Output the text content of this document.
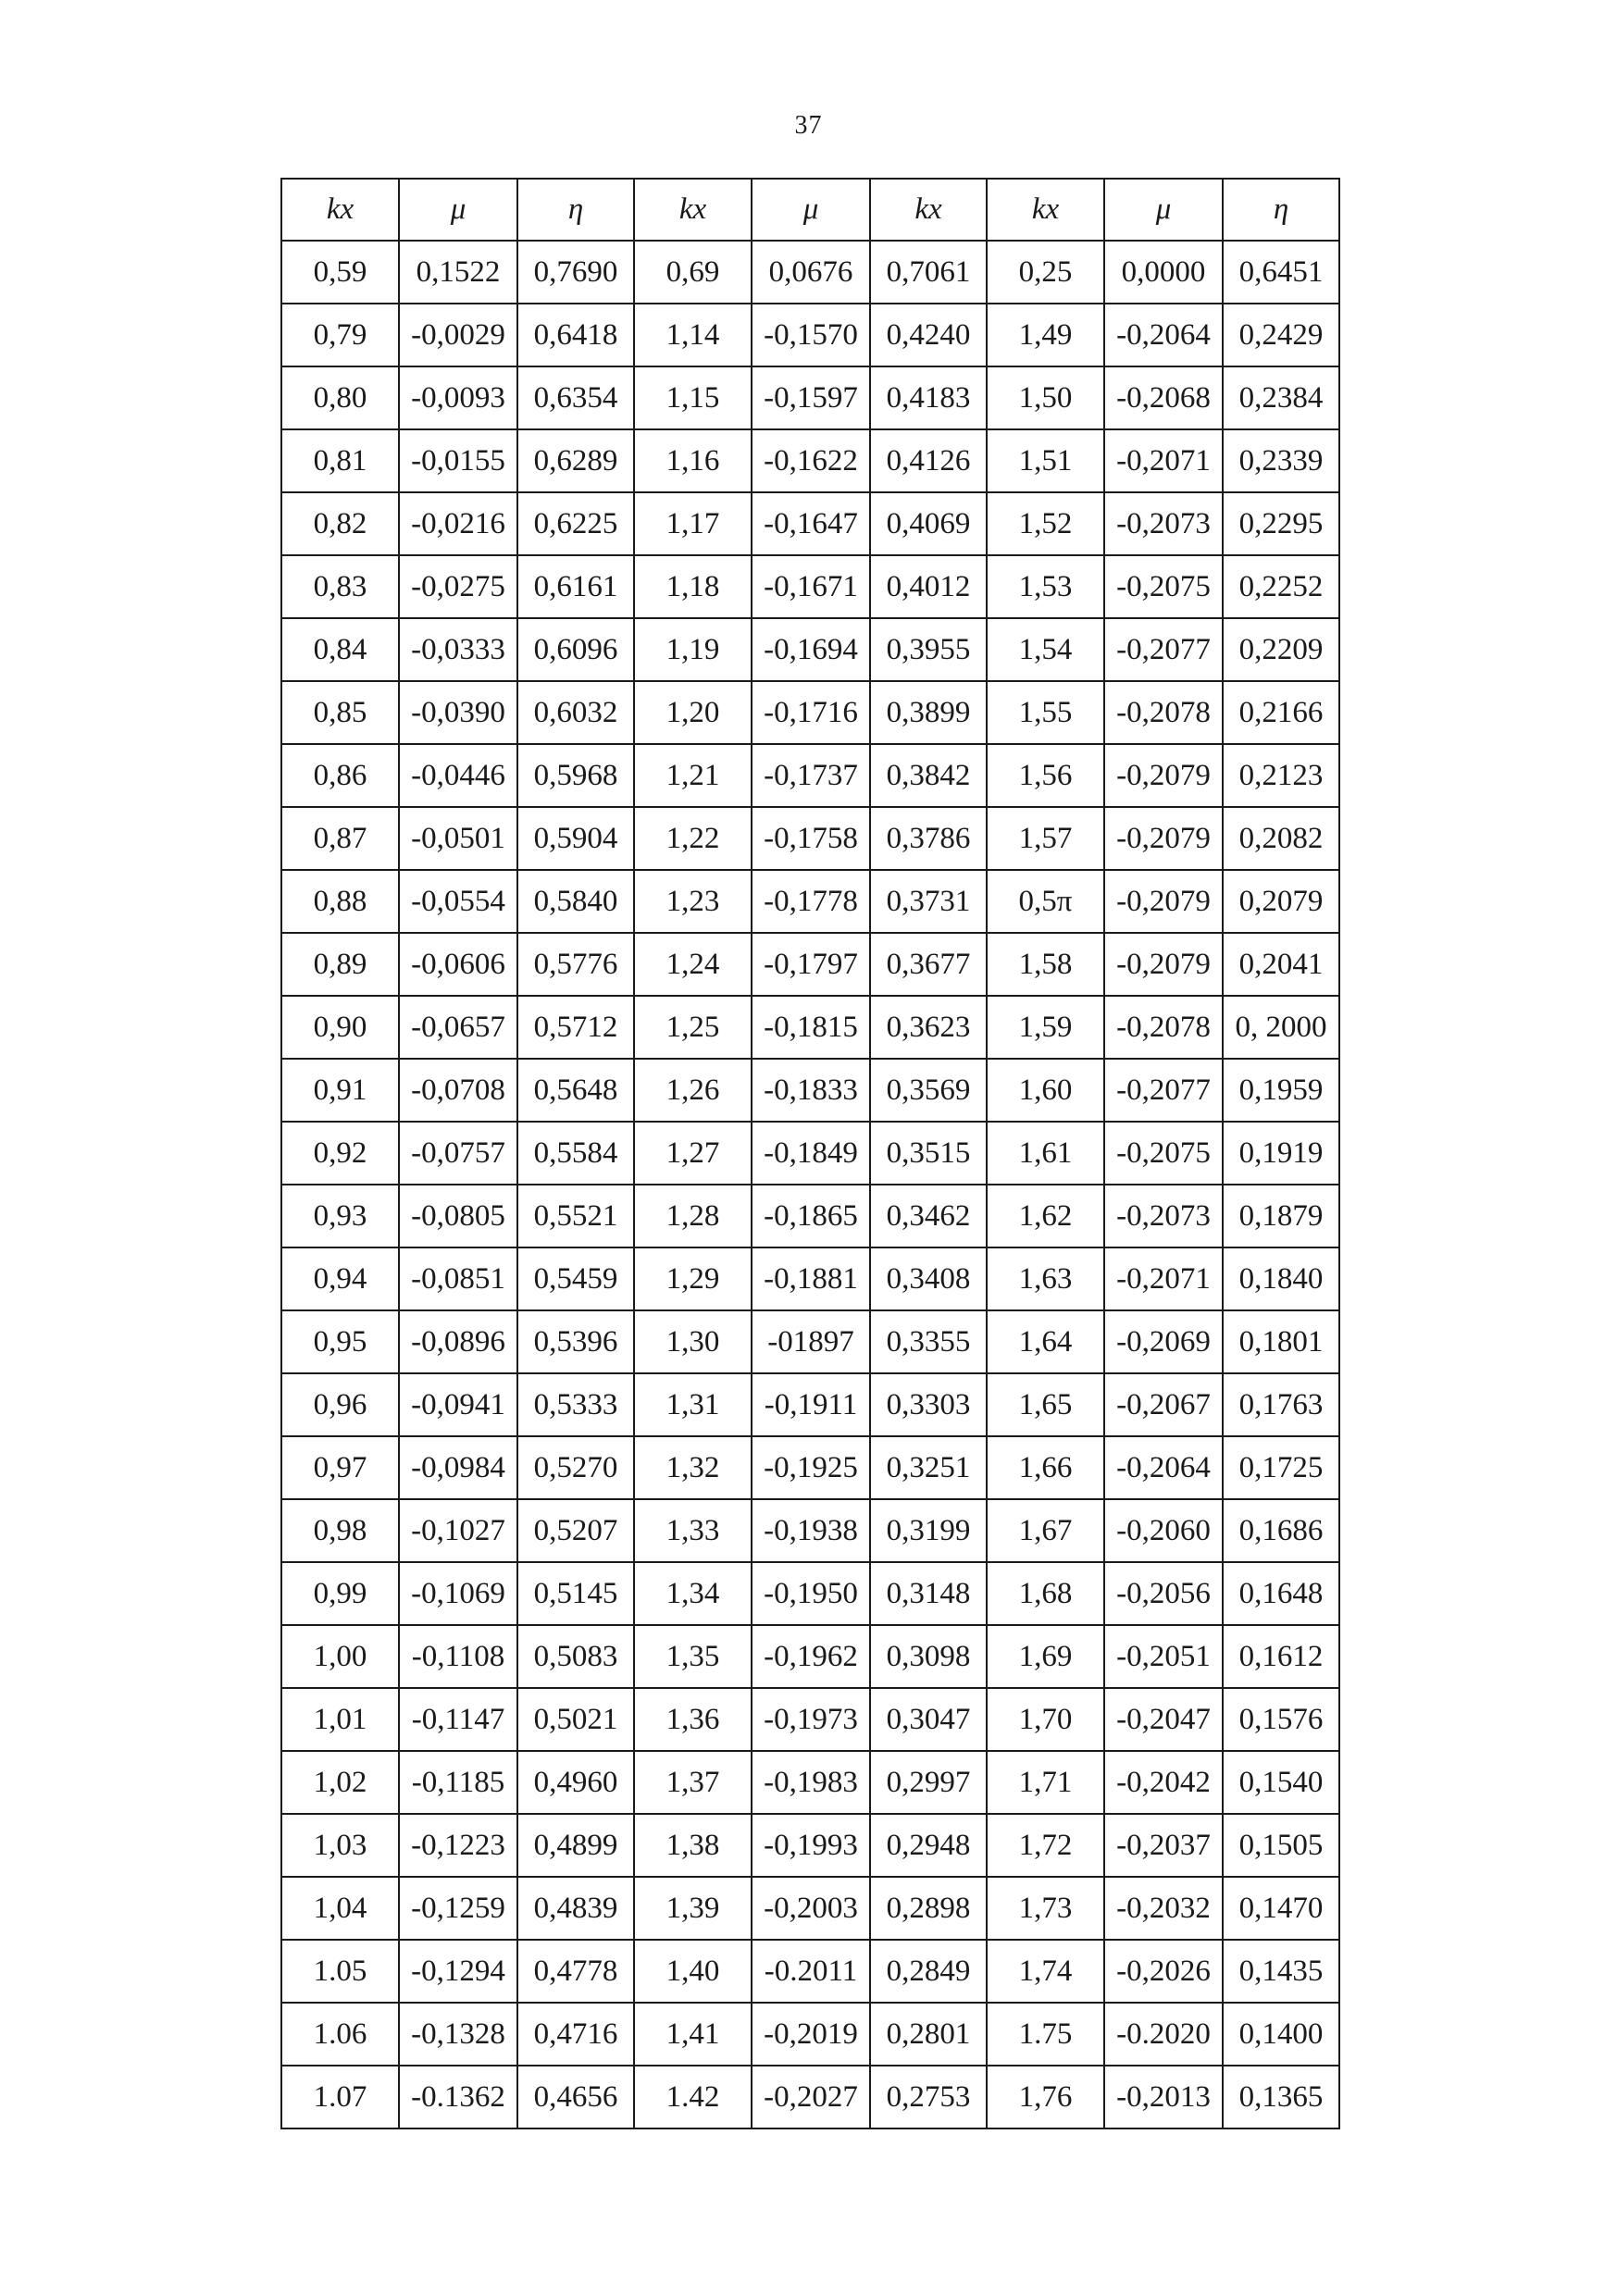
37
kx	μ	η	kx	μ	kx	kx	μ	η
0,59	0,1522	0,7690	0,69	0,0676	0,7061	0,25	0,0000	0,6451
0,79	-0,0029	0,6418	1,14	-0,1570	0,4240	1,49	-0,2064	0,2429
0,80	-0,0093	0,6354	1,15	-0,1597	0,4183	1,50	-0,2068	0,2384
0,81	-0,0155	0,6289	1,16	-0,1622	0,4126	1,51	-0,2071	0,2339
0,82	-0,0216	0,6225	1,17	-0,1647	0,4069	1,52	-0,2073	0,2295
0,83	-0,0275	0,6161	1,18	-0,1671	0,4012	1,53	-0,2075	0,2252
0,84	-0,0333	0,6096	1,19	-0,1694	0,3955	1,54	-0,2077	0,2209
0,85	-0,0390	0,6032	1,20	-0,1716	0,3899	1,55	-0,2078	0,2166
0,86	-0,0446	0,5968	1,21	-0,1737	0,3842	1,56	-0,2079	0,2123
0,87	-0,0501	0,5904	1,22	-0,1758	0,3786	1,57	-0,2079	0,2082
0,88	-0,0554	0,5840	1,23	-0,1778	0,3731	0,5π	-0,2079	0,2079
0,89	-0,0606	0,5776	1,24	-0,1797	0,3677	1,58	-0,2079	0,2041
0,90	-0,0657	0,5712	1,25	-0,1815	0,3623	1,59	-0,2078	0, 2000
0,91	-0,0708	0,5648	1,26	-0,1833	0,3569	1,60	-0,2077	0,1959
0,92	-0,0757	0,5584	1,27	-0,1849	0,3515	1,61	-0,2075	0,1919
0,93	-0,0805	0,5521	1,28	-0,1865	0,3462	1,62	-0,2073	0,1879
0,94	-0,0851	0,5459	1,29	-0,1881	0,3408	1,63	-0,2071	0,1840
0,95	-0,0896	0,5396	1,30	-01897	0,3355	1,64	-0,2069	0,1801
0,96	-0,0941	0,5333	1,31	-0,1911	0,3303	1,65	-0,2067	0,1763
0,97	-0,0984	0,5270	1,32	-0,1925	0,3251	1,66	-0,2064	0,1725
0,98	-0,1027	0,5207	1,33	-0,1938	0,3199	1,67	-0,2060	0,1686
0,99	-0,1069	0,5145	1,34	-0,1950	0,3148	1,68	-0,2056	0,1648
1,00	-0,1108	0,5083	1,35	-0,1962	0,3098	1,69	-0,2051	0,1612
1,01	-0,1147	0,5021	1,36	-0,1973	0,3047	1,70	-0,2047	0,1576
1,02	-0,1185	0,4960	1,37	-0,1983	0,2997	1,71	-0,2042	0,1540
1,03	-0,1223	0,4899	1,38	-0,1993	0,2948	1,72	-0,2037	0,1505
1,04	-0,1259	0,4839	1,39	-0,2003	0,2898	1,73	-0,2032	0,1470
1.05	-0,1294	0,4778	1,40	-0.2011	0,2849	1,74	-0,2026	0,1435
1.06	-0,1328	0,4716	1,41	-0,2019	0,2801	1.75	-0.2020	0,1400
1.07	-0.1362	0,4656	1.42	-0,2027	0,2753	1,76	-0,2013	0,1365
